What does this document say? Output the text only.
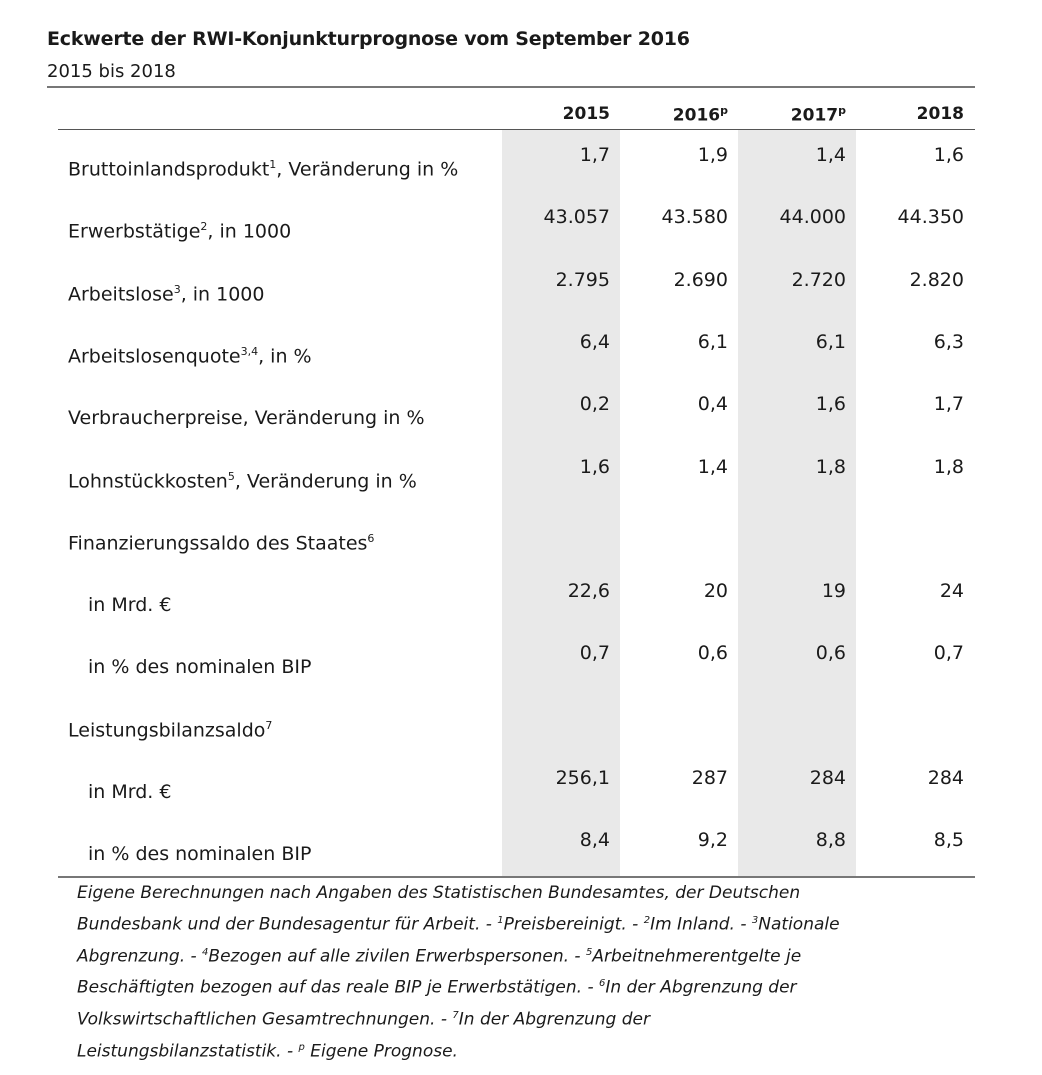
Eckwerte der RWI-Konjunkturprognose vom September 2016
2015 bis 2018
2015	2016$^p$	2017$^p$	2018
Bruttoinlandsprodukt$^1$, Veränderung in %
1,7	1,9	1,4	1,6
Erwerbstätige$^2$, in 1000
43.057	43.580	44.000	44.350
Arbeitslose$^3$, in 1000
2.795	2.690	2.720	2.820
Arbeitslosenquote$^{3,4}$, in %
6,4	6,1	6,1	6,3
Verbraucherpreise, Veränderung in %
0,2	0,4	1,6	1,7
Lohnstückkosten$^5$, Veränderung in %
1,6	1,4	1,8	1,8
Finanzierungssaldo des Staates$^6$
in Mrd. €
22,6	20	19	24
in % des nominalen BIP
0,7	0,6	0,6	0,7
Leistungsbilanzsaldo$^7$
in Mrd. €
256,1	287	284	284
in % des nominalen BIP
8,4	9,2	8,8	8,5
Eigene Berechnungen nach Angaben des Statistischen Bundesamtes, der Deutschen
Bundesbank und der Bundesagentur für Arbeit. - $^1$Preisbereinigt. - $^2$Im Inland. - $^3$Nationale
Abgrenzung. - $^4$Bezogen auf alle zivilen Erwerbspersonen. - $^5$Arbeitnehmerentgelte je
Beschäftigten bezogen auf das reale BIP je Erwerbstätigen. - $^6$In der Abgrenzung der
Volkswirtschaftlichen Gesamtrechnungen. - $^7$In der Abgrenzung der
Leistungsbilanzstatistik. - $^p$ Eigene Prognose.
